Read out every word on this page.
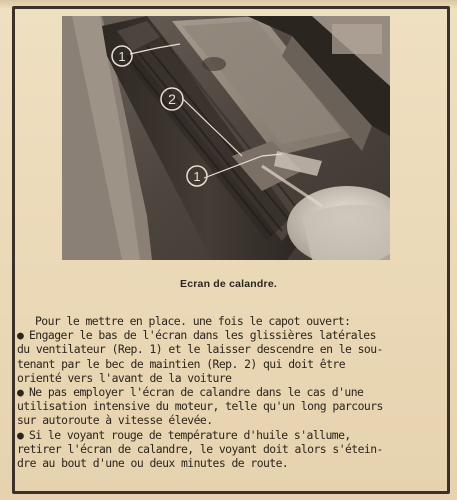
1
2
1
Ecran de calandre.

Pour le mettre en place. une fois le capot ouvert:

● Engager le bas de l'écran dans les glissières latérales

du ventilateur (Rep. 1) et le laisser descendre en le sou-

tenant par le bec de maintien (Rep. 2) qui doit être

orienté vers l'avant de la voiture

● Ne pas employer l'écran de calandre dans le cas d'une

utilisation intensive du moteur, telle qu'un long parcours

sur autoroute à vitesse élevée.

● Si le voyant rouge de température d'huile s'allume,

retirer l'écran de calandre, le voyant doit alors s'étein-

dre au bout d'une ou deux minutes de route.
